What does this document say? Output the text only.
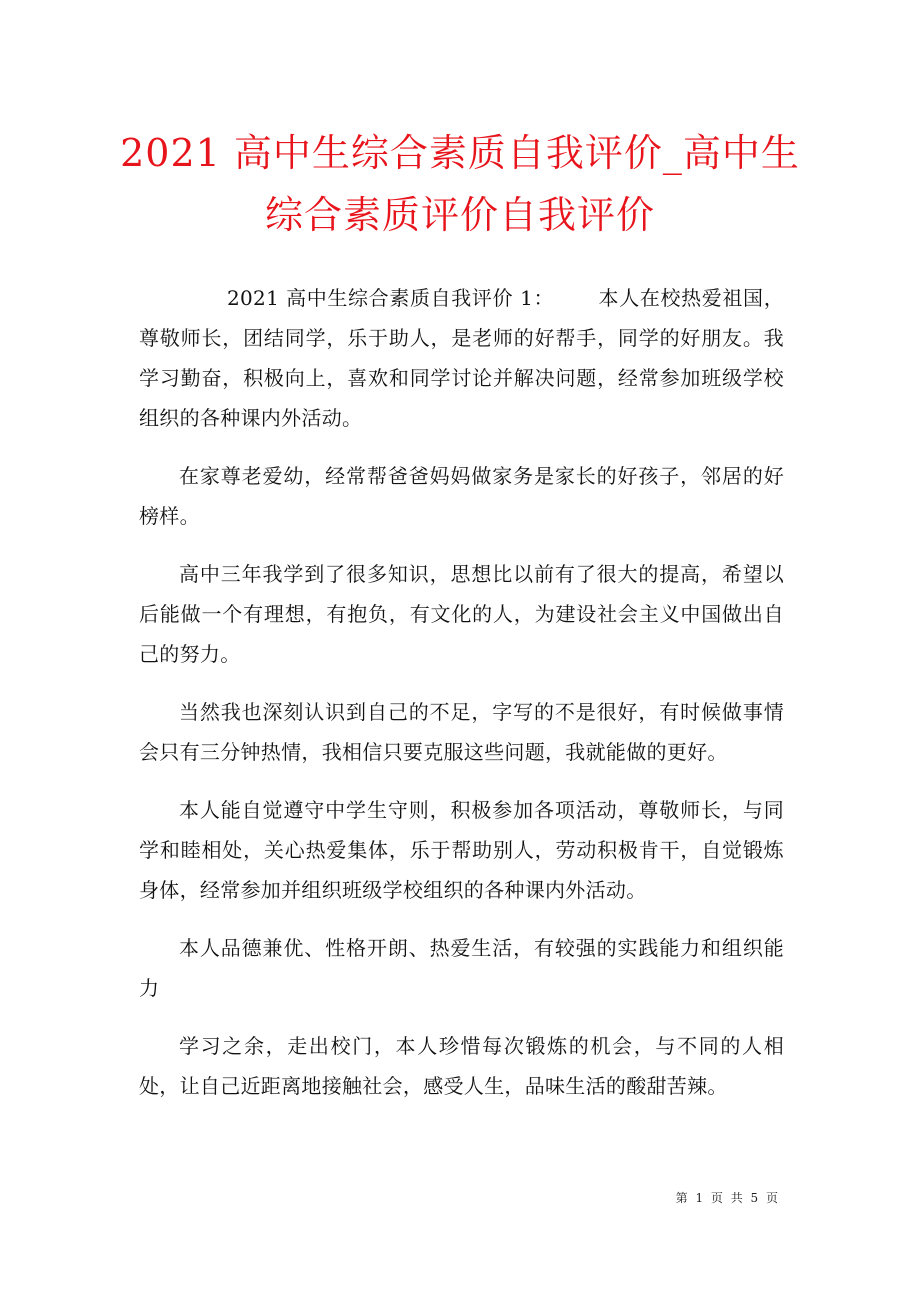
2021 高中生综合素质自我评价_高中生综合素质评价自我评价

2021 高中生综合素质自我评价 1： 本人在校热爱祖国，尊敬师长，团结同学，乐于助人，是老师的好帮手，同学的好朋友。我学习勤奋，积极向上，喜欢和同学讨论并解决问题，经常参加班级学校组织的各种课内外活动。

在家尊老爱幼，经常帮爸爸妈妈做家务是家长的好孩子，邻居的好榜样。

高中三年我学到了很多知识，思想比以前有了很大的提高，希望以后能做一个有理想，有抱负，有文化的人，为建设社会主义中国做出自己的努力。

当然我也深刻认识到自己的不足，字写的不是很好，有时候做事情会只有三分钟热情，我相信只要克服这些问题，我就能做的更好。

本人能自觉遵守中学生守则，积极参加各项活动，尊敬师长，与同学和睦相处，关心热爱集体，乐于帮助别人，劳动积极肯干，自觉锻炼身体，经常参加并组织班级学校组织的各种课内外活动。

本人品德兼优、性格开朗、热爱生活，有较强的实践能力和组织能力

学习之余，走出校门，本人珍惜每次锻炼的机会，与不同的人相处，让自己近距离地接触社会，感受人生，品味生活的酸甜苦辣。

第 1 页 共 5 页
